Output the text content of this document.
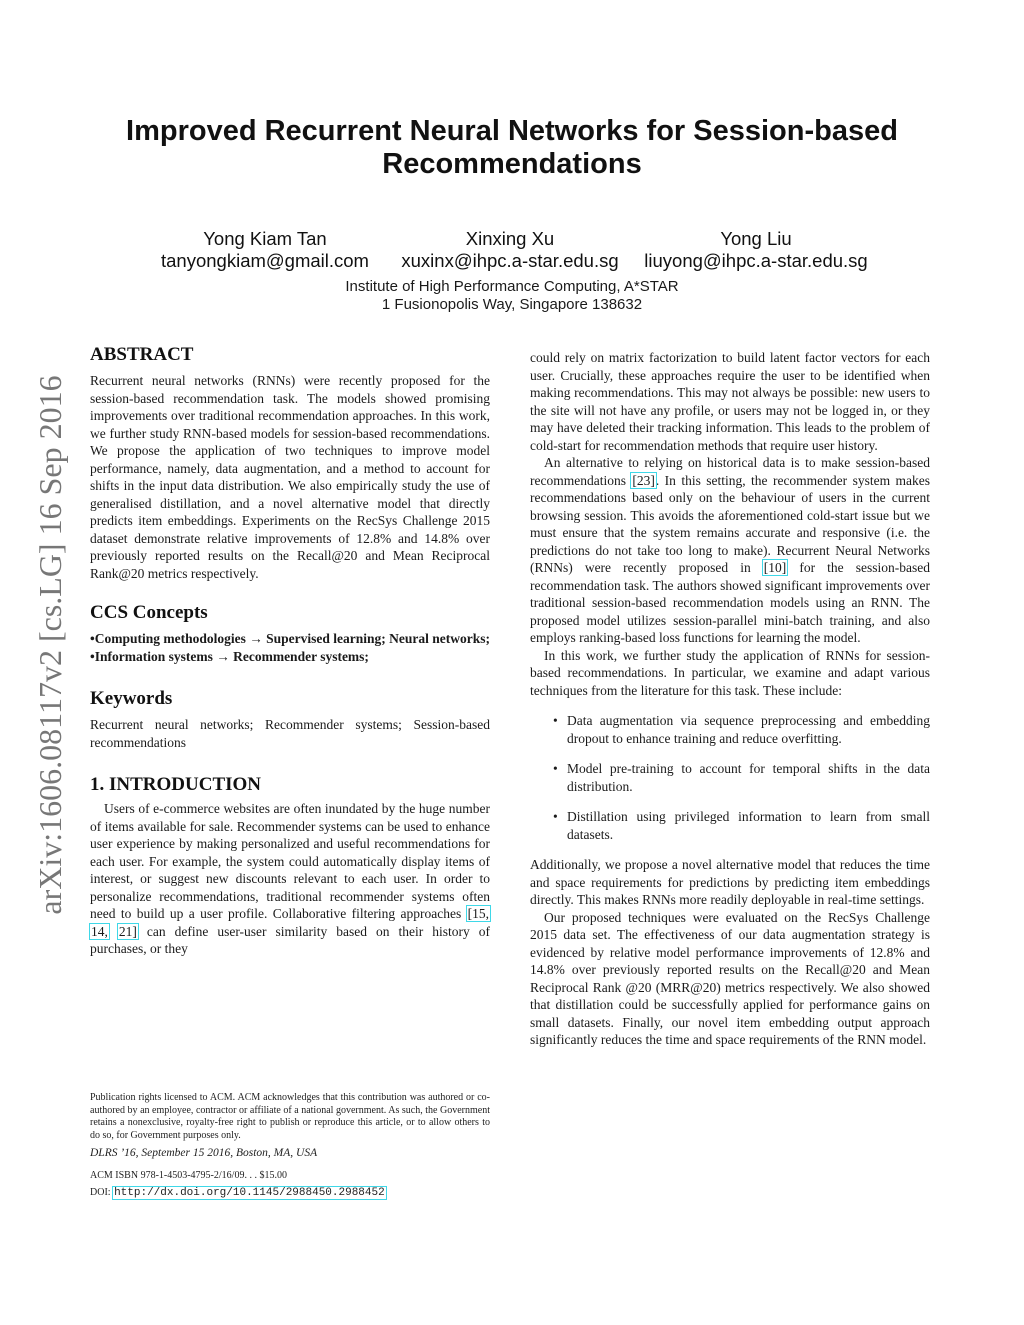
Improved Recurrent Neural Networks for Session-based Recommendations
Yong Kiam Tan
tanyongkiam@gmail.com
Xinxing Xu
xuxinx@ihpc.a-star.edu.sg
Yong Liu
liuyong@ihpc.a-star.edu.sg
Institute of High Performance Computing, A*STAR
1 Fusionopolis Way, Singapore 138632
arXiv:1606.08117v2 [cs.LG] 16 Sep 2016
ABSTRACT

Recurrent neural networks (RNNs) were recently proposed for the session-based recommendation task. The models showed promising improvements over traditional recommendation approaches. In this work, we further study RNN-based models for session-based recommendations. We propose the application of two techniques to improve model performance, namely, data augmentation, and a method to account for shifts in the input data distribution. We also empirically study the use of generalised distillation, and a novel alternative model that directly predicts item embeddings. Experiments on the RecSys Challenge 2015 dataset demonstrate relative improvements of 12.8% and 14.8% over previously reported results on the Recall@20 and Mean Reciprocal Rank@20 metrics respectively.

CCS Concepts

•Computing methodologies → Supervised learning; Neural networks; •Information systems → Recommender systems;

Keywords

Recurrent neural networks; Recommender systems; Session-based recommendations

1. INTRODUCTION

Users of e-commerce websites are often inundated by the huge number of items available for sale. Recommender systems can be used to enhance user experience by making personalized and useful recommendations for each user. For example, the system could automatically display items of interest, or suggest new discounts relevant to each user. In order to personalize recommendations, traditional recommender systems often need to build up a user profile. Collaborative filtering approaches [15, 14, 21] can define user-user similarity based on their history of purchases, or they

Publication rights licensed to ACM. ACM acknowledges that this contribution was authored or co-authored by an employee, contractor or affiliate of a national government. As such, the Government retains a nonexclusive, royalty-free right to publish or reproduce this article, or to allow others to do so, for Government purposes only.

DLRS ’16, September 15 2016, Boston, MA, USA

ACM ISBN 978-1-4503-4795-2/16/09. . . $15.00

DOI: http://dx.doi.org/10.1145/2988450.2988452

could rely on matrix factorization to build latent factor vectors for each user. Crucially, these approaches require the user to be identified when making recommendations. This may not always be possible: new users to the site will not have any profile, or users may not be logged in, or they may have deleted their tracking information. This leads to the problem of cold-start for recommendation methods that require user history.

An alternative to relying on historical data is to make session-based recommendations [23]. In this setting, the recommender system makes recommendations based only on the behaviour of users in the current browsing session. This avoids the aforementioned cold-start issue but we must ensure that the system remains accurate and responsive (i.e. the predictions do not take too long to make). Recurrent Neural Networks (RNNs) were recently proposed in [10] for the session-based recommendation task. The authors showed significant improvements over traditional session-based recommendation models using an RNN. The proposed model utilizes session-parallel mini-batch training, and also employs ranking-based loss functions for learning the model.

In this work, we further study the application of RNNs for session-based recommendations. In particular, we examine and adapt various techniques from the literature for this task. These include:

• Data augmentation via sequence preprocessing and embedding dropout to enhance training and reduce overfitting.
• Model pre-training to account for temporal shifts in the data distribution.
• Distillation using privileged information to learn from small datasets.

Additionally, we propose a novel alternative model that reduces the time and space requirements for predictions by predicting item embeddings directly. This makes RNNs more readily deployable in real-time settings.

Our proposed techniques were evaluated on the RecSys Challenge 2015 data set. The effectiveness of our data augmentation strategy is evidenced by relative model performance improvements of 12.8% and 14.8% over previously reported results on the Recall@20 and Mean Reciprocal Rank @20 (MRR@20) metrics respectively. We also showed that distillation could be successfully applied for performance gains on small datasets. Finally, our novel item embedding output approach significantly reduces the time and space requirements of the RNN model.
